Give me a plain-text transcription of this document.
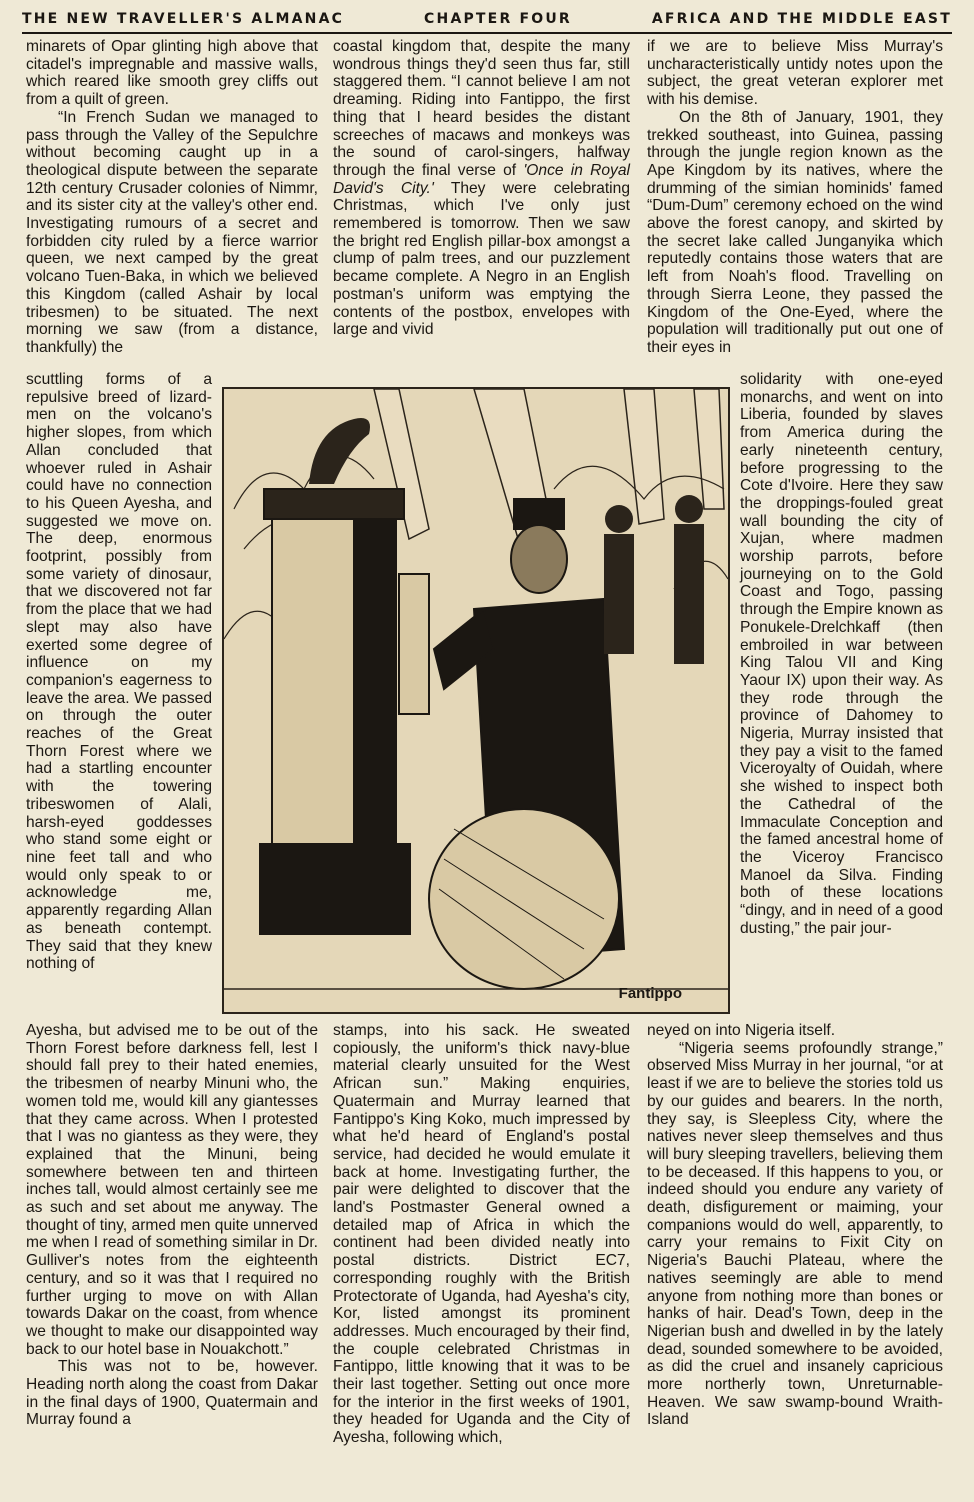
THE NEW TRAVELLER'S ALMANAC	CHAPTER FOUR	AFRICA AND THE MIDDLE EAST

minarets of Opar glinting high above that citadel's impregnable and massive walls, which reared like smooth grey cliffs out from a quilt of green.

“In French Sudan we managed to pass through the Valley of the Sepulchre without becoming caught up in a theological dispute between the separate 12th century Crusader colonies of Nimmr, and its sister city at the valley's other end. Investigating rumours of a secret and forbidden city ruled by a fierce warrior queen, we next camped by the great volcano Tuen-Baka, in which we believed this Kingdom (called Ashair by local tribesmen) to be situated. The next morning we saw (from a distance, thankfully) the

scuttling forms of a repulsive breed of lizard-men on the volcano's higher slopes, from which Allan concluded that whoever ruled in Ashair could have no connection to his Queen Ayesha, and suggested we move on. The deep, enormous footprint, possibly from some variety of dinosaur, that we discovered not far from the place that we had slept may also have exerted some degree of influence on my companion's eagerness to leave the area. We passed on through the outer reaches of the Great Thorn Forest where we had a startling encounter with the towering tribeswomen of Alali, harsh-eyed goddesses who stand some eight or nine feet tall and who would only speak to or acknowledge me, apparently regarding Allan as beneath contempt. They said that they knew nothing of

Ayesha, but advised me to be out of the Thorn Forest before darkness fell, lest I should fall prey to their hated enemies, the tribesmen of nearby Minuni who, the women told me, would kill any giantesses that they came across. When I protested that I was no giantess as they were, they explained that the Minuni, being somewhere between ten and thirteen inches tall, would almost certainly see me as such and set about me anyway. The thought of tiny, armed men quite unnerved me when I read of something similar in Dr. Gulliver's notes from the eighteenth century, and so it was that I required no further urging to move on with Allan towards Dakar on the coast, from whence we thought to make our disappointed way back to our hotel base in Nouakchott.”

This was not to be, however. Heading north along the coast from Dakar in the final days of 1900, Quatermain and Murray found a

coastal kingdom that, despite the many wondrous things they'd seen thus far, still staggered them. “I cannot believe I am not dreaming. Riding into Fantippo, the first thing that I heard besides the distant screeches of macaws and monkeys was the sound of carol-singers, halfway through the final verse of 'Once in Royal David's City.' They were celebrating Christmas, which I've only just remembered is tomorrow. Then we saw the bright red English pillar-box amongst a clump of palm trees, and our puzzlement became complete. A Negro in an English postman's uniform was emptying the contents of the postbox, envelopes with large and vivid

stamps, into his sack. He sweated copiously, the uniform's thick navy-blue material clearly unsuited for the West African sun.” Making enquiries, Quatermain and Murray learned that Fantippo's King Koko, much impressed by what he'd heard of England's postal service, had decided he would emulate it back at home. Investigating further, the pair were delighted to discover that the land's Postmaster General owned a detailed map of Africa in which the continent had been divided neatly into postal districts. District EC7, corresponding roughly with the British Protectorate of Uganda, had Ayesha's city, Kor, listed amongst its prominent addresses. Much encouraged by their find, the couple celebrated Christmas in Fantippo, little knowing that it was to be their last together. Setting out once more for the interior in the first weeks of 1901, they headed for Uganda and the City of Ayesha, following which,

if we are to believe Miss Murray's uncharacteristically untidy notes upon the subject, the great veteran explorer met with his demise.

On the 8th of January, 1901, they trekked southeast, into Guinea, passing through the jungle region known as the Ape Kingdom by its natives, where the drumming of the simian hominids' famed “Dum-Dum” ceremony echoed on the wind above the forest canopy, and skirted by the secret lake called Junganyika which reputedly contains those waters that are left from Noah's flood. Travelling on through Sierra Leone, they passed the Kingdom of the One-Eyed, where the population will traditionally put out one of their eyes in

solidarity with one-eyed monarchs, and went on into Liberia, founded by slaves from America during the early nineteenth century, before progressing to the Cote d'Ivoire. Here they saw the droppings-fouled great wall bounding the city of Xujan, where madmen worship parrots, before journeying on to the Gold Coast and Togo, passing through the Empire known as Ponukele-Drelchkaff (then embroiled in war between King Talou VII and King Yaour IX) upon their way. As they rode through the province of Dahomey to Nigeria, Murray insisted that they pay a visit to the famed Viceroyalty of Ouidah, where she wished to inspect both the Cathedral of the Immaculate Conception and the famed ancestral home of the Viceroy Francisco Manoel da Silva. Finding both of these locations “dingy, and in need of a good dusting,” the pair jour-

neyed on into Nigeria itself.

“Nigeria seems profoundly strange,” observed Miss Murray in her journal, “or at least if we are to believe the stories told us by our guides and bearers. In the north, they say, is Sleepless City, where the natives never sleep themselves and thus will bury sleeping travellers, believing them to be deceased. If this happens to you, or indeed should you endure any variety of death, disfigurement or maiming, your companions would do well, apparently, to carry your remains to Fixit City on Nigeria's Bauchi Plateau, where the natives seemingly are able to mend anyone from nothing more than bones or hanks of hair. Dead's Town, deep in the Nigerian bush and dwelled in by the lately dead, sounded somewhere to be avoided, as did the cruel and insanely capricious more northerly town, Unreturnable-Heaven. We saw swamp-bound Wraith-Island

Fantippo
